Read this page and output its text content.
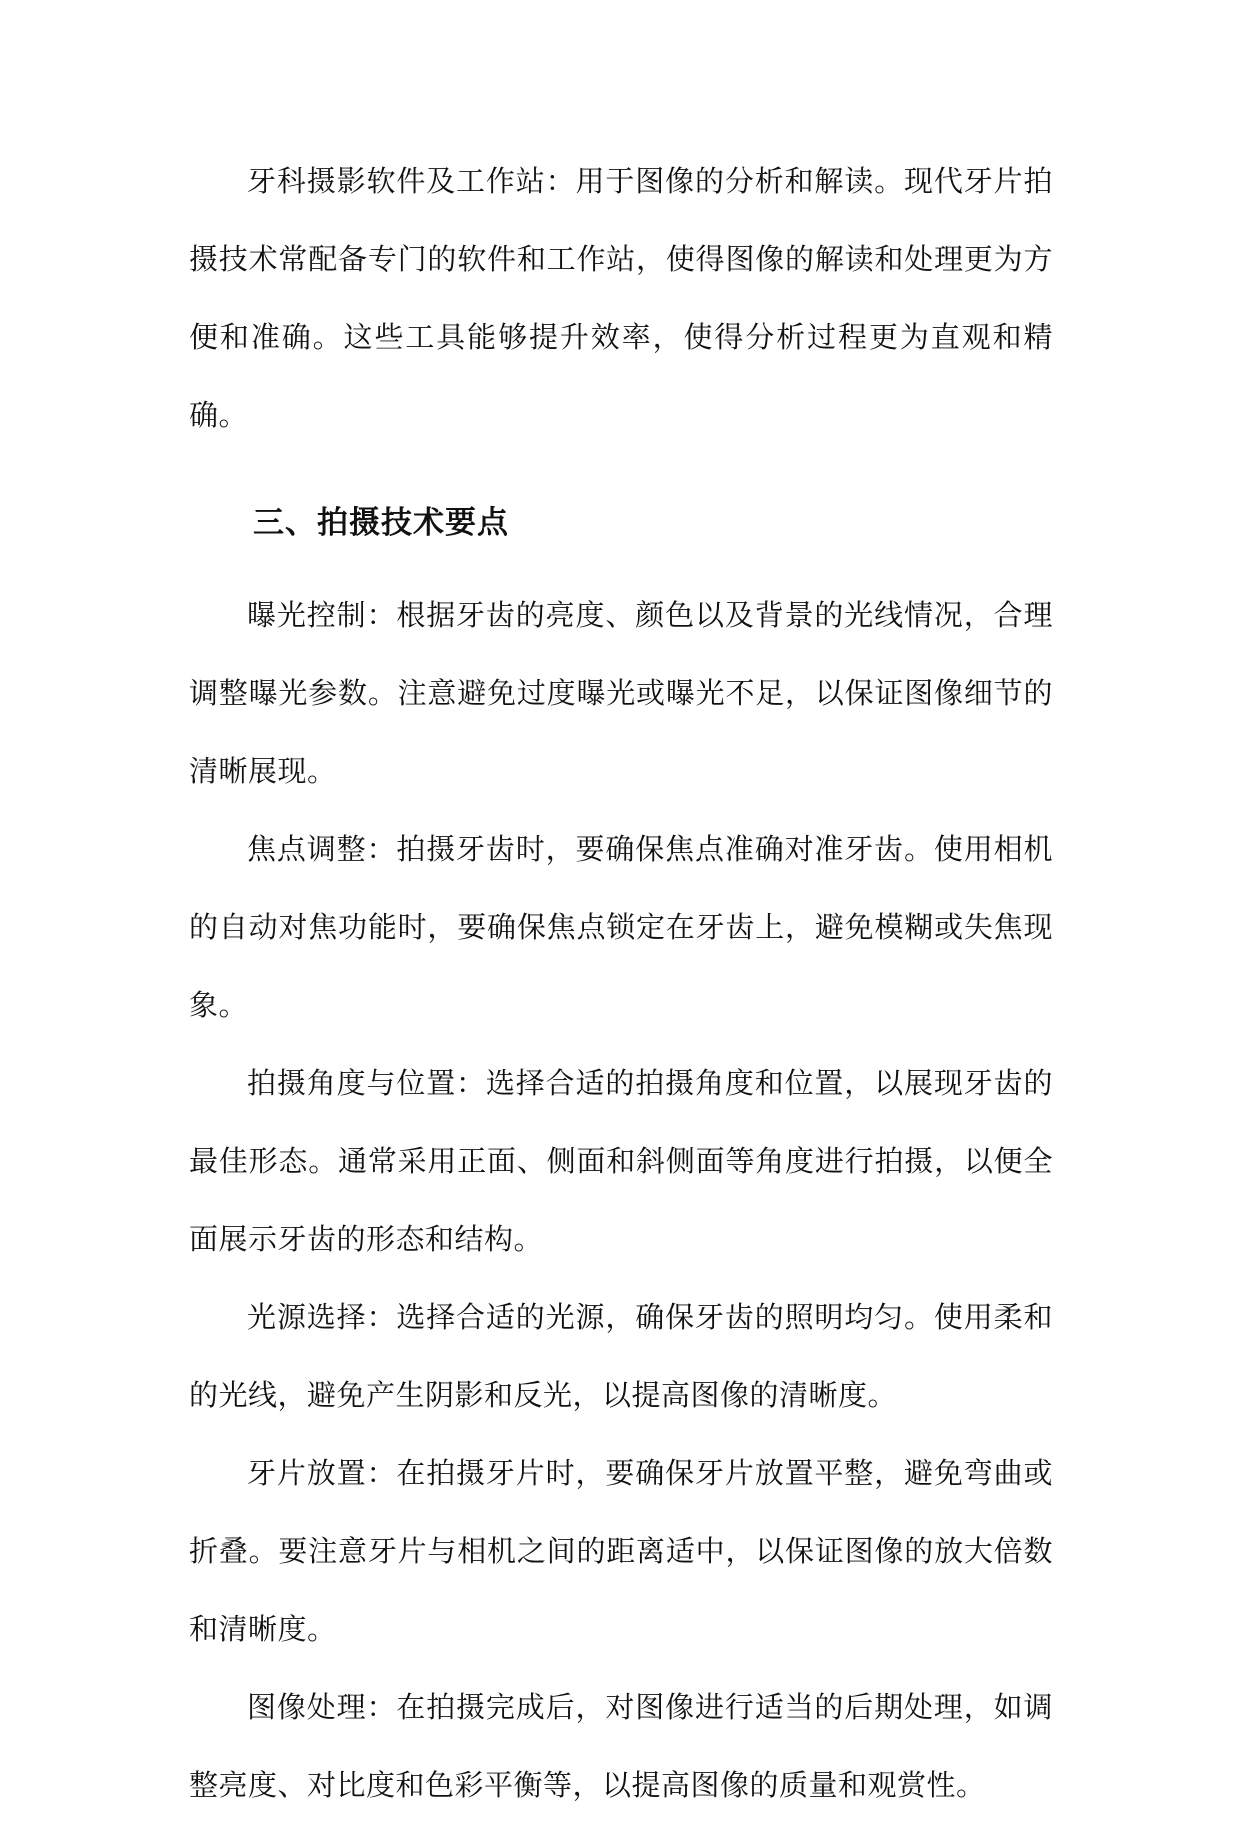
牙科摄影软件及工作站：用于图像的分析和解读。现代牙片拍摄技术常配备专门的软件和工作站，使得图像的解读和处理更为方便和准确。这些工具能够提升效率，使得分析过程更为直观和精确。

三、拍摄技术要点

曝光控制：根据牙齿的亮度、颜色以及背景的光线情况，合理调整曝光参数。注意避免过度曝光或曝光不足，以保证图像细节的清晰展现。

焦点调整：拍摄牙齿时，要确保焦点准确对准牙齿。使用相机的自动对焦功能时，要确保焦点锁定在牙齿上，避免模糊或失焦现象。

拍摄角度与位置：选择合适的拍摄角度和位置，以展现牙齿的最佳形态。通常采用正面、侧面和斜侧面等角度进行拍摄，以便全面展示牙齿的形态和结构。

光源选择：选择合适的光源，确保牙齿的照明均匀。使用柔和的光线，避免产生阴影和反光，以提高图像的清晰度。

牙片放置：在拍摄牙片时，要确保牙片放置平整，避免弯曲或折叠。要注意牙片与相机之间的距离适中，以保证图像的放大倍数和清晰度。

图像处理：在拍摄完成后，对图像进行适当的后期处理，如调整亮度、对比度和色彩平衡等，以提高图像的质量和观赏性。
